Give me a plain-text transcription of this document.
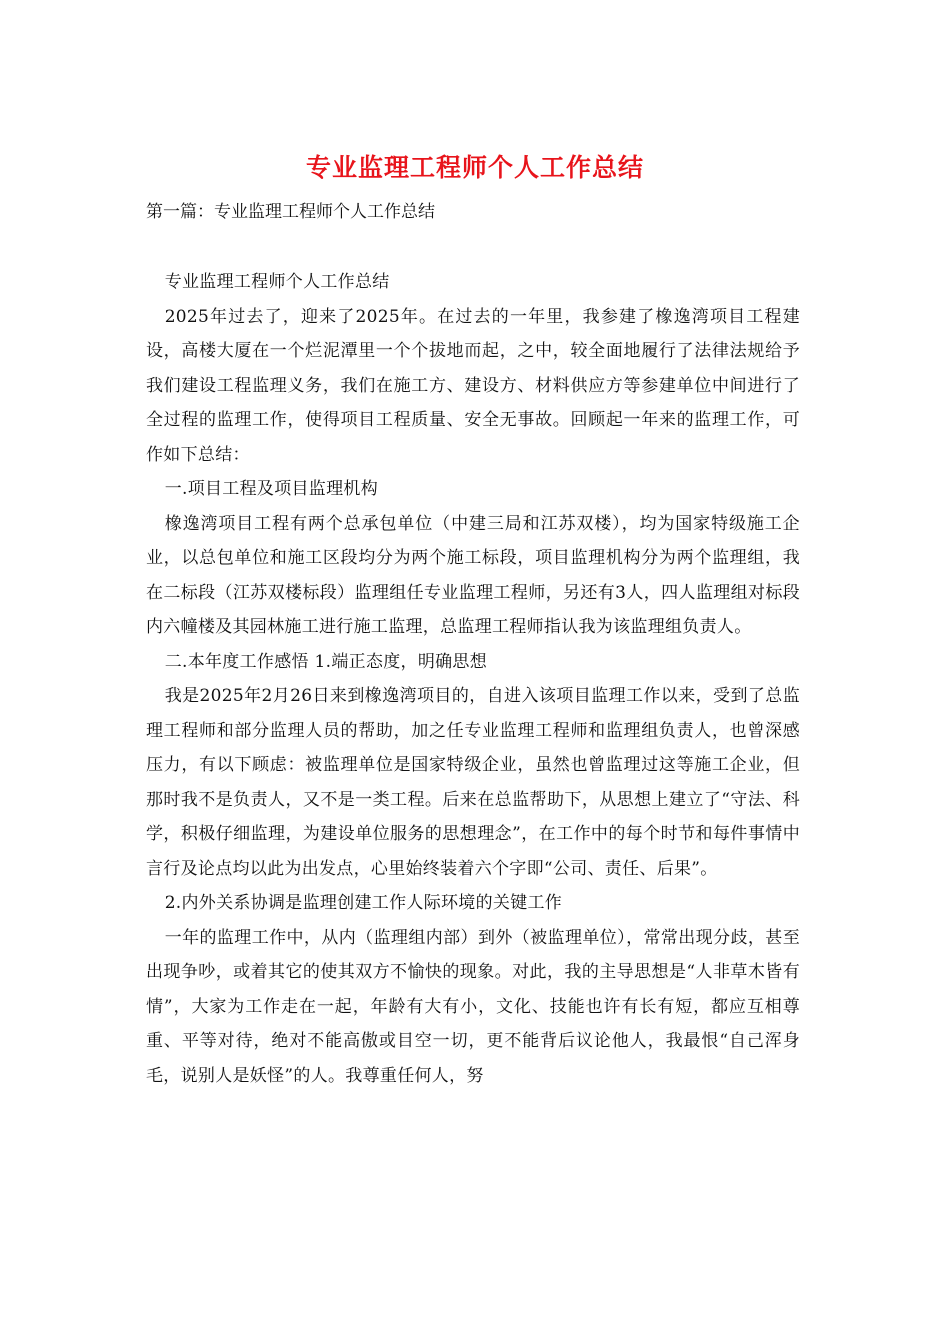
专业监理工程师个人工作总结

第一篇：专业监理工程师个人工作总结

专业监理工程师个人工作总结

2025年过去了，迎来了2025年。在过去的一年里，我参建了橡逸湾项目工程建设，高楼大厦在一个烂泥潭里一个个拔地而起，之中，较全面地履行了法律法规给予我们建设工程监理义务，我们在施工方、建设方、材料供应方等参建单位中间进行了全过程的监理工作，使得项目工程质量、安全无事故。回顾起一年来的监理工作，可作如下总结：

一.项目工程及项目监理机构

橡逸湾项目工程有两个总承包单位（中建三局和江苏双楼），均为国家特级施工企业，以总包单位和施工区段均分为两个施工标段，项目监理机构分为两个监理组，我在二标段（江苏双楼标段）监理组任专业监理工程师，另还有3人，四人监理组对标段内六幢楼及其园林施工进行施工监理，总监理工程师指认我为该监理组负责人。

二.本年度工作感悟 1.端正态度，明确思想

我是2025年2月26日来到橡逸湾项目的，自进入该项目监理工作以来，受到了总监理工程师和部分监理人员的帮助，加之任专业监理工程师和监理组负责人，也曾深感压力，有以下顾虑：被监理单位是国家特级企业，虽然也曾监理过这等施工企业，但那时我不是负责人，又不是一类工程。后来在总监帮助下，从思想上建立了“守法、科学，积极仔细监理，为建设单位服务的思想理念”，在工作中的每个时节和每件事情中言行及论点均以此为出发点，心里始终装着六个字即“公司、责任、后果”。

2.内外关系协调是监理创建工作人际环境的关键工作

一年的监理工作中，从内（监理组内部）到外（被监理单位），常常出现分歧，甚至出现争吵，或着其它的使其双方不愉快的现象。对此，我的主导思想是“人非草木皆有情”，大家为工作走在一起，年龄有大有小，文化、技能也许有长有短，都应互相尊重、平等对待，绝对不能高傲或目空一切，更不能背后议论他人，我最恨“自己浑身毛，说别人是妖怪”的人。我尊重任何人，努
